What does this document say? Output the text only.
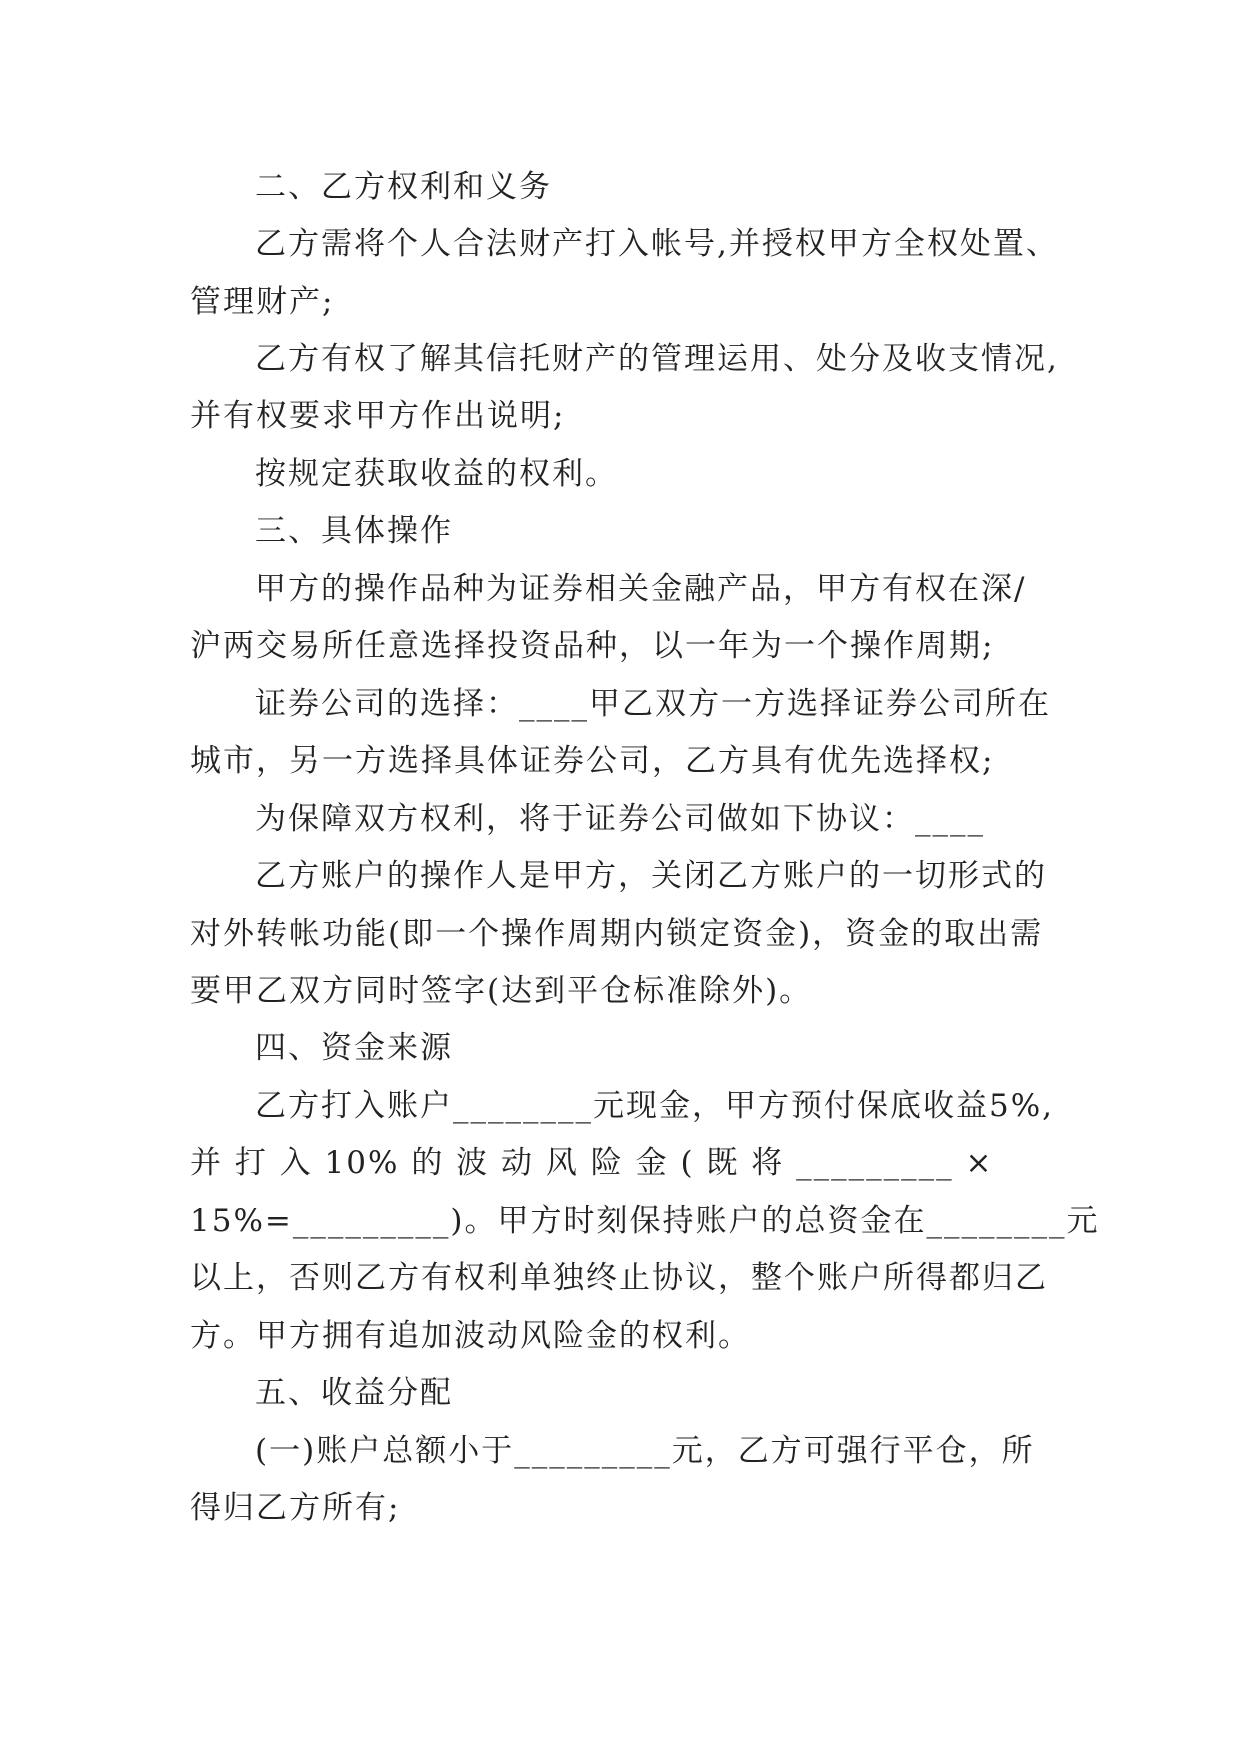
二、乙方权利和义务
乙方需将个人合法财产打入帐号,并授权甲方全权处置、
管理财产;
乙方有权了解其信托财产的管理运用、处分及收支情况,
并有权要求甲方作出说明;
按规定获取收益的权利。
三、具体操作
甲方的操作品种为证券相关金融产品，甲方有权在深/
沪两交易所任意选择投资品种，以一年为一个操作周期;
证券公司的选择：____甲乙双方一方选择证券公司所在
城市，另一方选择具体证券公司，乙方具有优先选择权;
为保障双方权利，将于证券公司做如下协议：____
乙方账户的操作人是甲方，关闭乙方账户的一切形式的
对外转帐功能(即一个操作周期内锁定资金)，资金的取出需
要甲乙双方同时签字(达到平仓标准除外)。
四、资金来源
乙方打入账户________元现金，甲方预付保底收益5%,
并 打 入 10% 的 波 动 风 险 金 ( 既 将 _________ ×
15%=_________)。甲方时刻保持账户的总资金在________元
以上，否则乙方有权利单独终止协议，整个账户所得都归乙
方。甲方拥有追加波动风险金的权利。
五、收益分配
(一)账户总额小于_________元，乙方可强行平仓，所
得归乙方所有;
